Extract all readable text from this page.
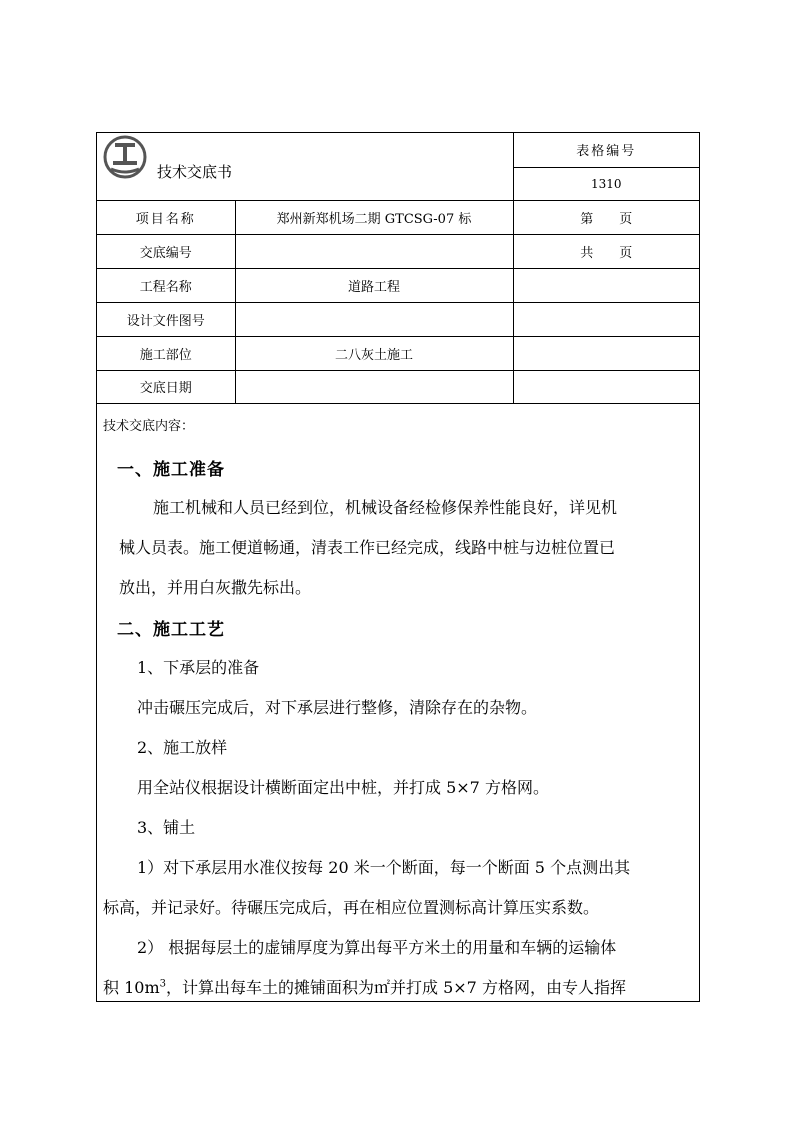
技术交底书		表格编号
		1310
项目名称	郑州新郑机场二期 GTCSG-07 标	第　　页
交底编号		共　　页
工程名称	道路工程	
设计文件图号		
施工部位	二八灰土施工	
交底日期		
技术交底内容：
一、施工准备
施工机械和人员已经到位，机械设备经检修保养性能良好，详见机
械人员表。施工便道畅通，清表工作已经完成，线路中桩与边桩位置已
放出，并用白灰撒先标出。
二、施工工艺
1、下承层的准备
冲击碾压完成后，对下承层进行整修，清除存在的杂物。
2、施工放样
用全站仪根据设计横断面定出中桩，并打成 5×7 方格网。
3、铺土
1）对下承层用水准仪按每 20 米一个断面，每一个断面 5 个点测出其
标高，并记录好。待碾压完成后，再在相应位置测标高计算压实系数。
2） 根据每层土的虚铺厚度为算出每平方米土的用量和车辆的运输体
积 $10m^3$，计算出每车土的摊铺面积为㎡并打成 5×7 方格网，由专人指挥
